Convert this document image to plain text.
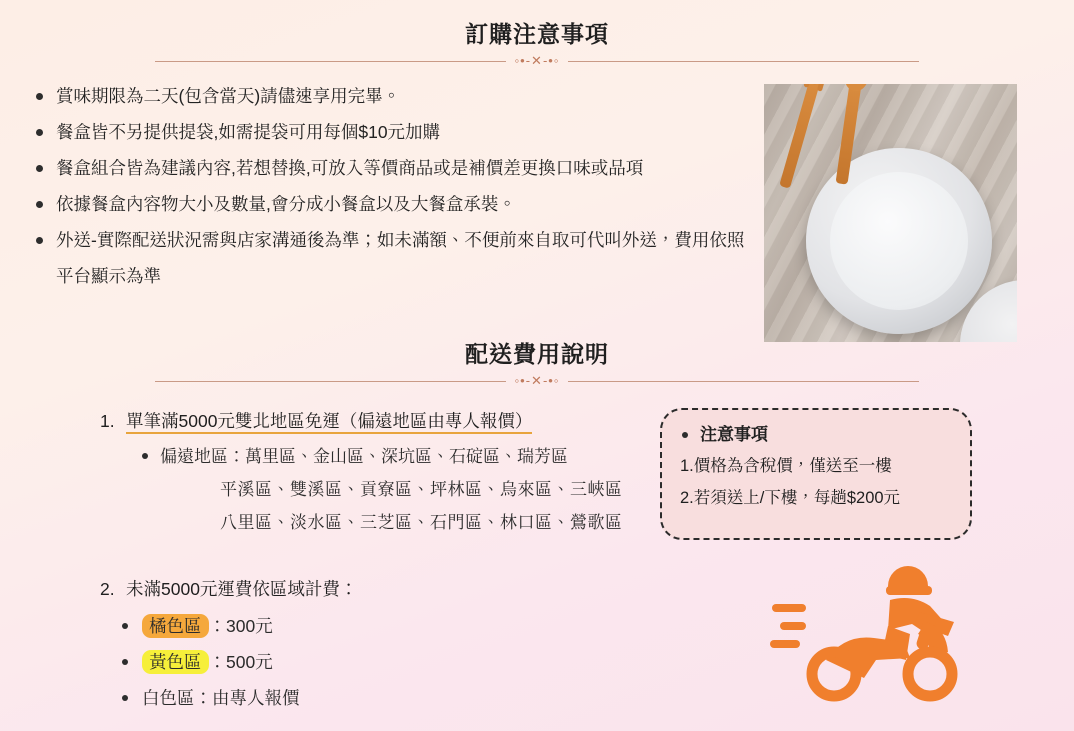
訂購注意事項
◦•-✕-•◦
賞味期限為二天(包含當天)請儘速享用完畢。
餐盒皆不另提供提袋,如需提袋可用每個$10元加購
餐盒組合皆為建議內容,若想替換,可放入等價商品或是補價差更換口味或品項
依據餐盒內容物大小及數量,會分成小餐盒以及大餐盒承裝。
外送-實際配送狀況需與店家溝通後為準；如未滿額、不便前來自取可代叫外送，費用依照平台顯示為準
配送費用說明
◦•-✕-•◦
1. 單筆滿5000元雙北地區免運（偏遠地區由專人報價）
偏遠地區：萬里區、金山區、深坑區、石碇區、瑞芳區
平溪區、雙溪區、貢寮區、坪林區、烏來區、三峽區
八里區、淡水區、三芝區、石門區、林口區、鶯歌區
2. 未滿5000元運費依區域計費：
橘色區 ：300元
黃色區 ：500元
白色區：由專人報價
注意事項
1.價格為含稅價，僅送至一樓
2.若須送上/下樓，每趟$200元
